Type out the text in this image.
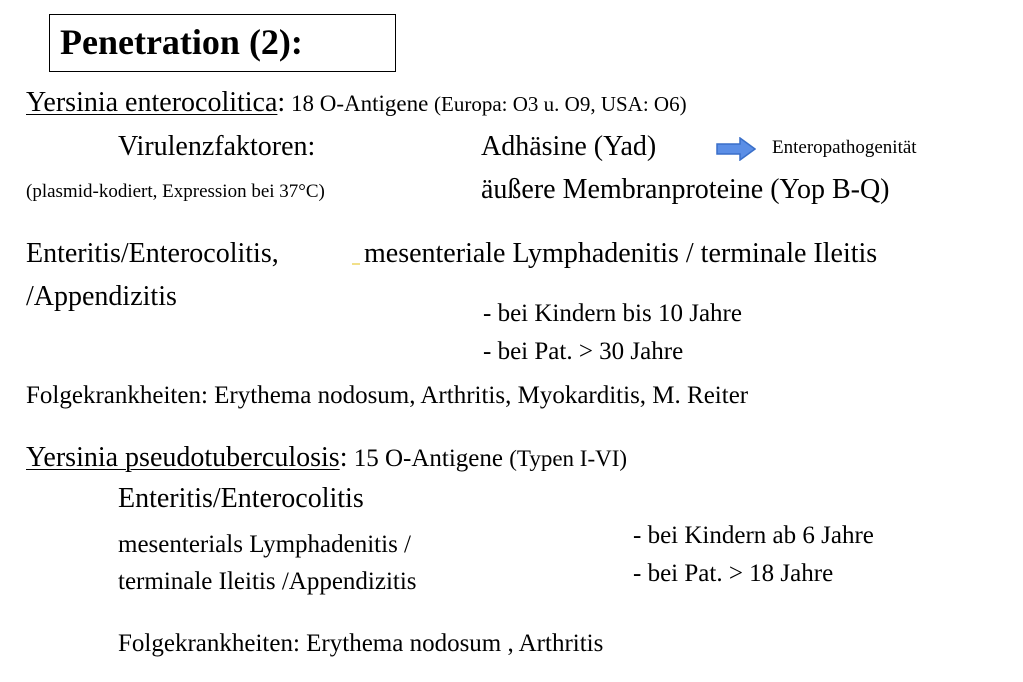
Penetration (2):
Yersinia enterocolitica: 18 O-Antigene (Europa: O3 u. O9, USA: O6)
Virulenzfaktoren:	Adhäsine (Yad)	Enteropathogenität
(plasmid-kodiert, Expression bei 37°C)	äußere Membranproteine (Yop B-Q)
Enteritis/Enterocolitis,	mesenteriale Lymphadenitis / terminale Ileitis
/Appendizitis
- bei Kindern bis 10 Jahre
- bei Pat. > 30 Jahre
Folgekrankheiten: Erythema nodosum, Arthritis, Myokarditis, M. Reiter
Yersinia pseudotuberculosis: 15 O-Antigene (Typen I-VI)
Enteritis/Enterocolitis
mesenterials Lymphadenitis /
terminale Ileitis /Appendizitis
- bei Kindern ab 6 Jahre
- bei Pat. > 18 Jahre
Folgekrankheiten: Erythema nodosum , Arthritis
